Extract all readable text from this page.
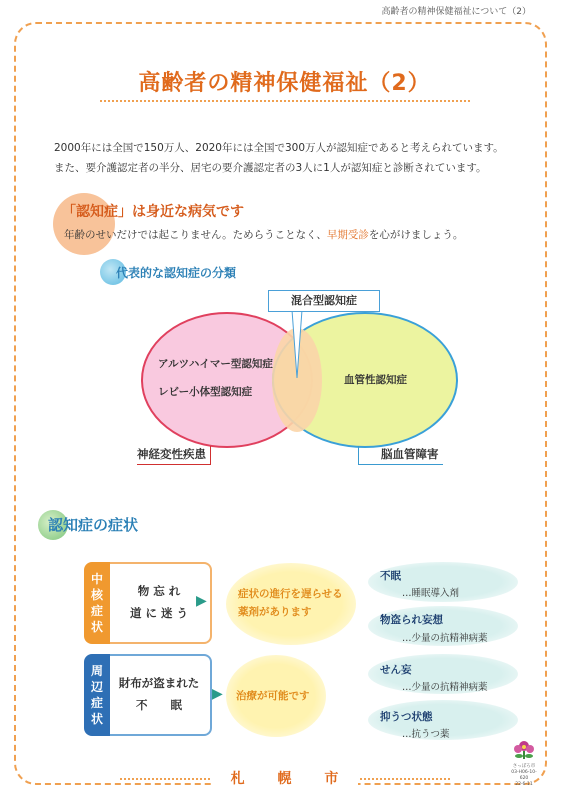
高齢者の精神保健福祉について（2）
高齢者の精神保健福祉（2）
2000年には全国で150万人、2020年には全国で300万人が認知症であると考えられています。
また、要介護認定者の半分、居宅の要介護認定者の3人に1人が認知症と診断されています。
「認知症」は身近な病気です
年齢のせいだけでは起こりません。ためらうことなく、早期受診を心がけましょう。
代表的な認知症の分類
混合型認知症
アルツハイマー型認知症
レビー小体型認知症
血管性認知症
神経変性疾患	脳血管障害
認知症の症状
中
核
症
状
物 忘 れ
道 に 迷 う
▶	症状の進行を遅らせる
薬剤があります
周
辺
症
状
財布が盗まれた
不　　眠
▶ 治療が可能です
不眠
…睡眠導入剤
物盗られ妄想
…少量の抗精神病薬
せん妄
…少量の抗精神病薬
抑うつ状態
…抗うつ薬
さっぽろ市
03-H06-10-620
22-6-11
札 幌 市
